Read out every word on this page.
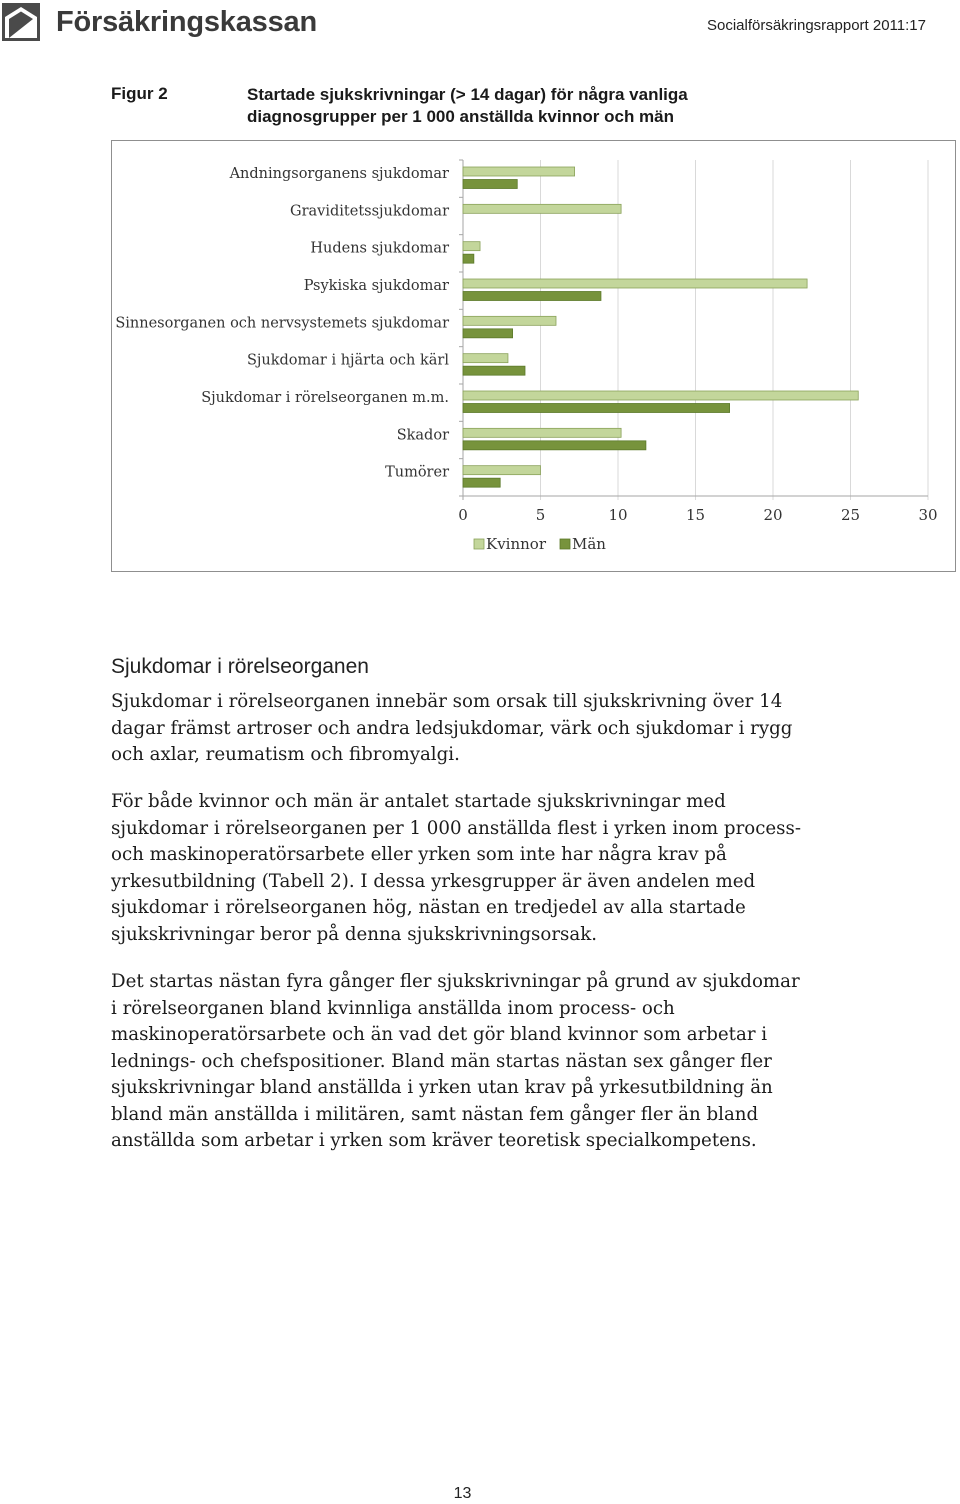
Försäkringskassan	Socialförsäkringsrapport 2011:17
Figur 2	Startade sjukskrivningar (> 14 dagar) för några vanliga diagnosgrupper per 1 000 anställda kvinnor och män
0	5	10	15	20	25	30
Andningsorganens sjukdomar
Graviditetssjukdomar
Hudens sjukdomar
Psykiska sjukdomar
Sinnesorganen och nervsystemets sjukdomar
Sjukdomar i hjärta och kärl
Sjukdomar i rörelseorganen m.m.
Skador
Tumörer
Kvinnor Män
Sjukdomar i rörelseorganen

Sjukdomar i rörelseorganen innebär som orsak till sjukskrivning över 14 dagar främst artroser och andra ledsjukdomar, värk och sjukdomar i rygg och axlar, reumatism och fibromyalgi.

För både kvinnor och män är antalet startade sjukskrivningar med sjukdomar i rörelseorganen per 1 000 anställda flest i yrken inom process- och maskinoperatörsarbete eller yrken som inte har några krav på yrkesutbildning (Tabell 2). I dessa yrkesgrupper är även andelen med sjukdomar i rörelseorganen hög, nästan en tredjedel av alla startade sjukskrivningar beror på denna sjukskrivningsorsak.

Det startas nästan fyra gånger fler sjukskrivningar på grund av sjukdomar i rörelseorganen bland kvinnliga anställda inom process- och maskinoperatörsarbete och än vad det gör bland kvinnor som arbetar i lednings- och chefspositioner. Bland män startas nästan sex gånger fler sjukskrivningar bland anställda i yrken utan krav på yrkesutbildning än bland män anställda i militären, samt nästan fem gånger fler än bland anställda som arbetar i yrken som kräver teoretisk specialkompetens.

13
